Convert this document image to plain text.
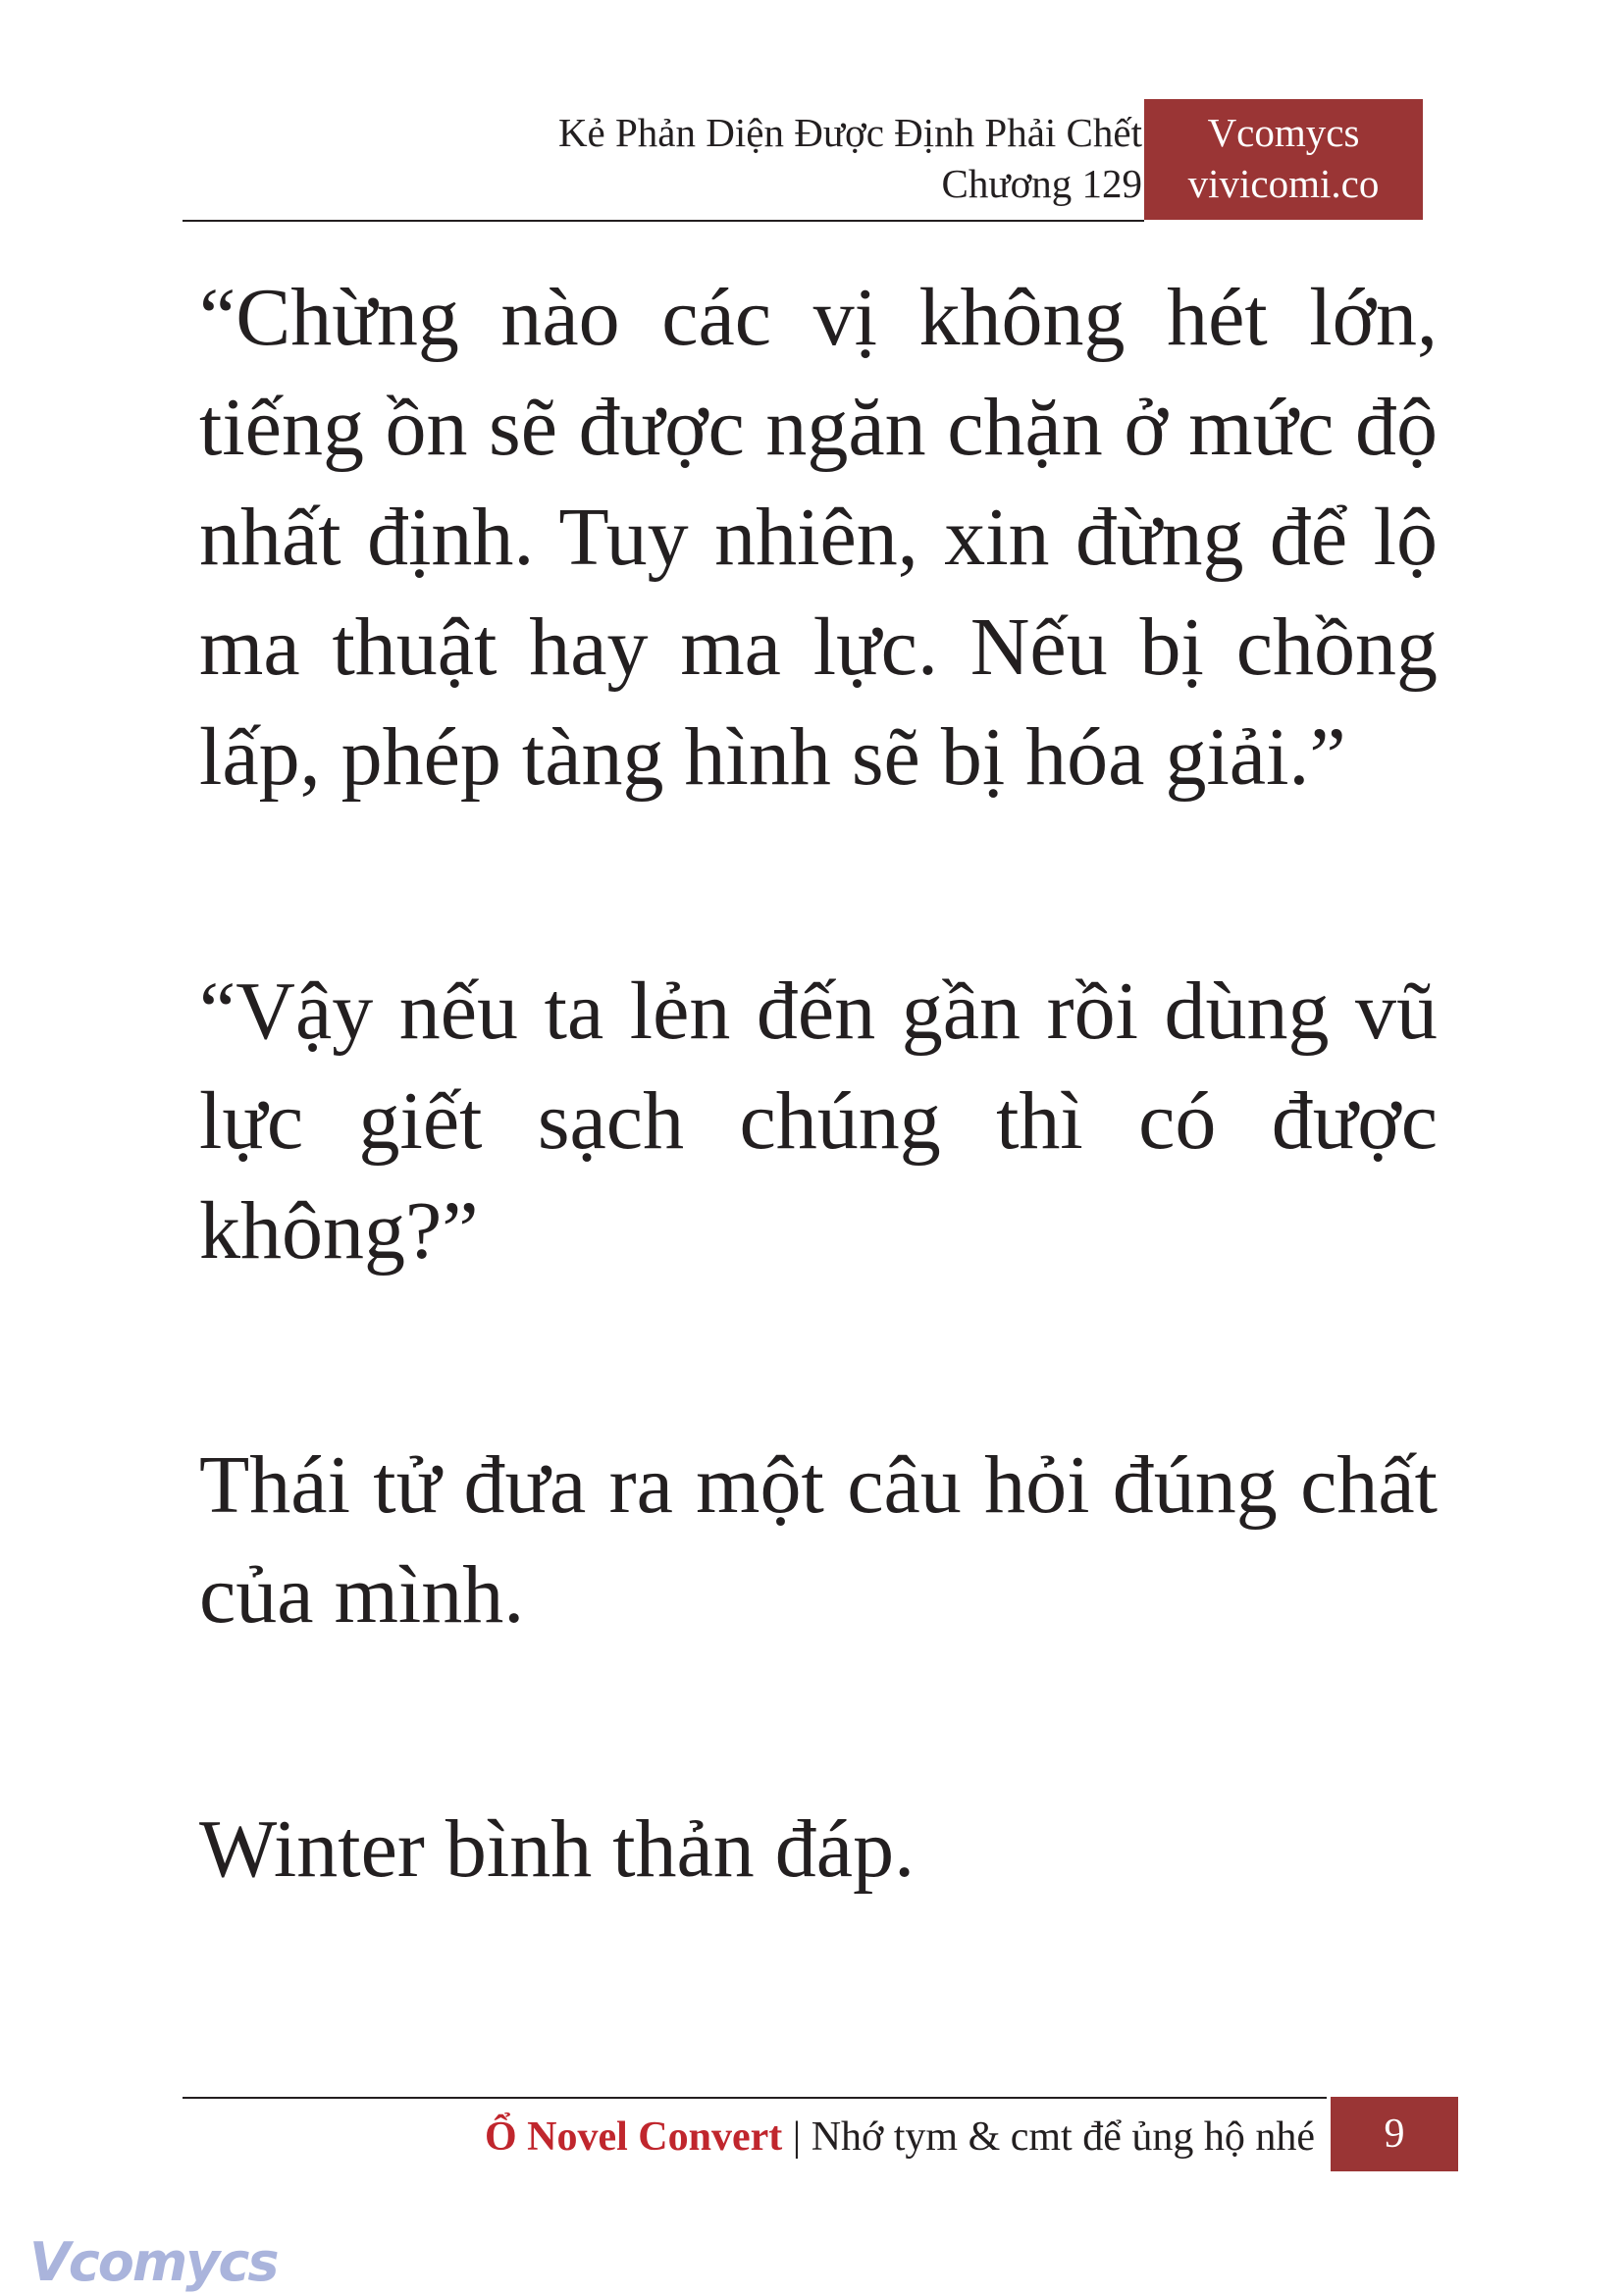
Kẻ Phản Diện Được Định Phải Chết
Chương 129
Vcomycs
vivicomi.co

“Chừng nào các vị không hét lớn, tiếng ồn sẽ được ngăn chặn ở mức độ nhất định. Tuy nhiên, xin đừng để lộ ma thuật hay ma lực. Nếu bị chồng lấp, phép tàng hình sẽ bị hóa giải.”

“Vậy nếu ta lẻn đến gần rồi dùng vũ lực giết sạch chúng thì có được không?”

Thái tử đưa ra một câu hỏi đúng chất của mình.

Winter bình thản đáp.

Ổ Novel Convert | Nhớ tym & cmt để ủng hộ nhé	9
Vcomycs
